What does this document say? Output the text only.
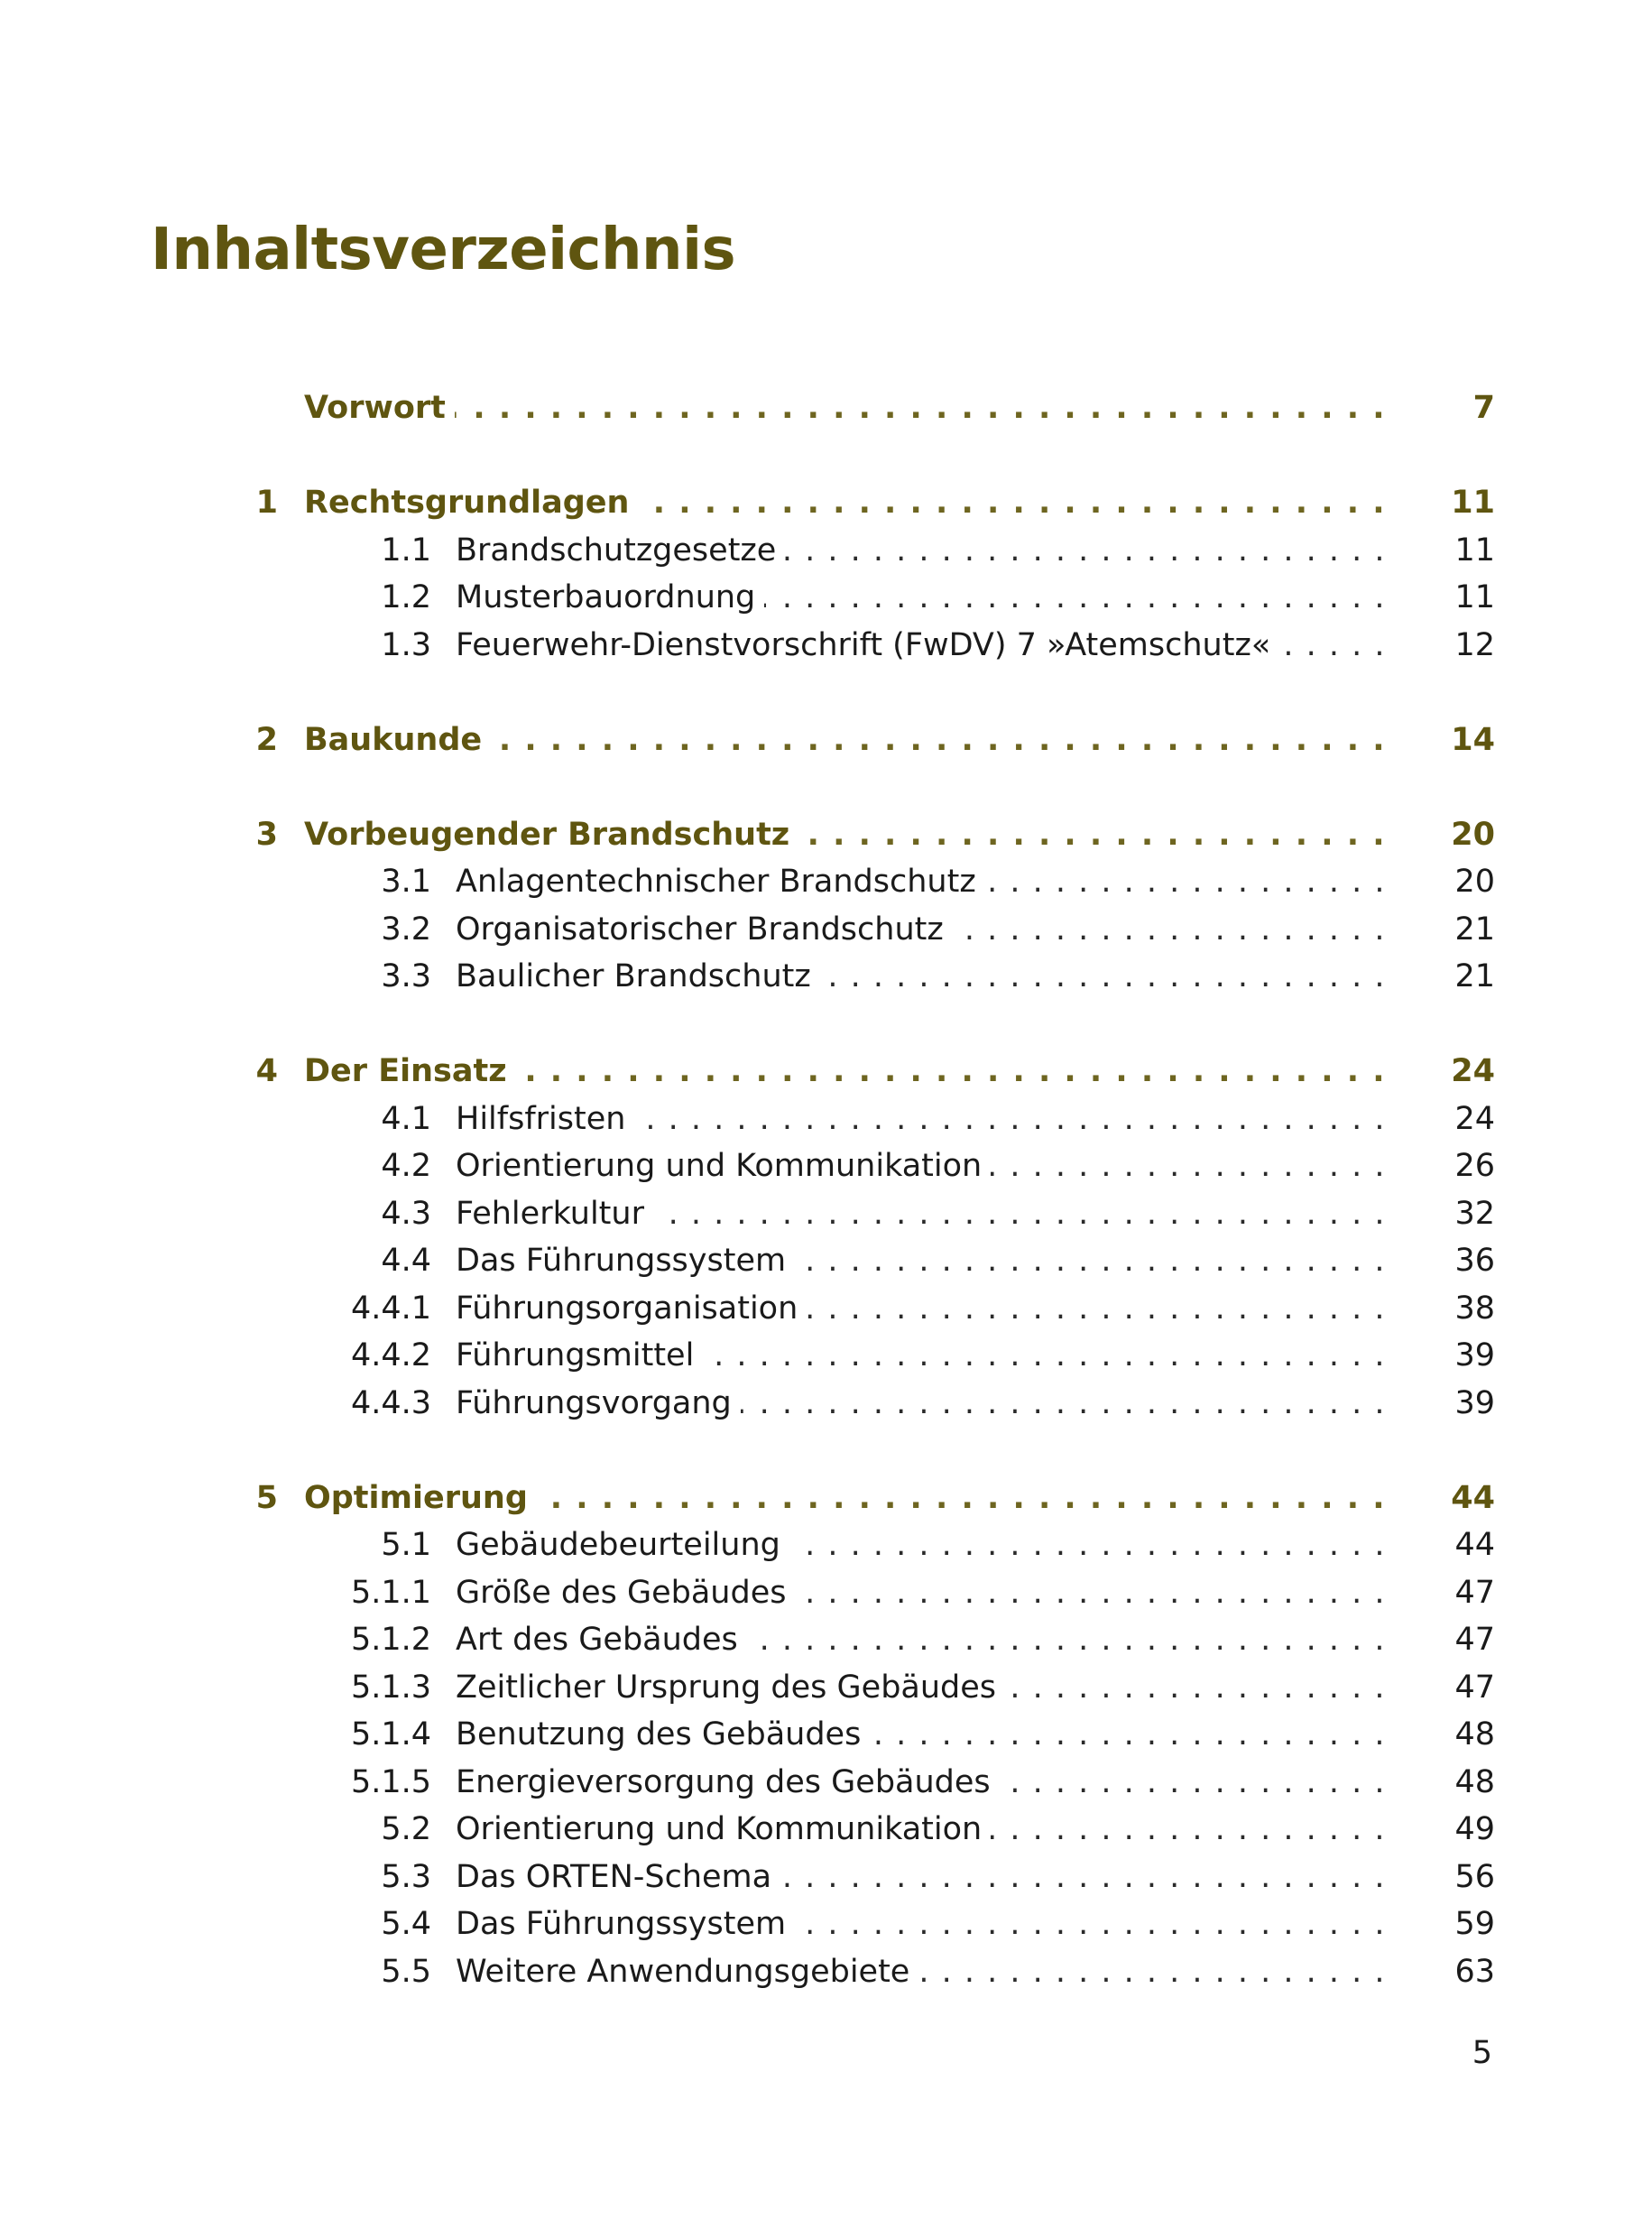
Inhaltsverzeichnis
Vorwort . . .	7
1 Rechtsgrundlagen . . .	11
1.1 Brandschutzgesetze . . .	11
1.2 Musterbauordnung . . .	11
1.3 Feuerwehr-Dienstvorschrift (FwDV) 7 »Atemschutz« . . .	12
2 Baukunde . . .	14
3 Vorbeugender Brandschutz . . .	20
3.1 Anlagentechnischer Brandschutz . . .	20
3.2 Organisatorischer Brandschutz . . .	21
3.3 Baulicher Brandschutz . . .	21
4 Der Einsatz . . .	24
4.1 Hilfsfristen . . .	24
4.2 Orientierung und Kommunikation . . .	26
4.3 Fehlerkultur . . .	32
4.4 Das Führungssystem . . .	36
4.4.1 Führungsorganisation . . .	38
4.4.2 Führungsmittel . . .	39
4.4.3 Führungsvorgang . . .	39
5 Optimierung . . .	44
5.1 Gebäudebeurteilung . . .	44
5.1.1 Größe des Gebäudes . . .	47
5.1.2 Art des Gebäudes . . .	47
5.1.3 Zeitlicher Ursprung des Gebäudes . . .	47
5.1.4 Benutzung des Gebäudes . . .	48
5.1.5 Energieversorgung des Gebäudes . . .	48
5.2 Orientierung und Kommunikation . . .	49
5.3 Das ORTEN-Schema . . .	56
5.4 Das Führungssystem . . .	59
5.5 Weitere Anwendungsgebiete . . .	63
5
